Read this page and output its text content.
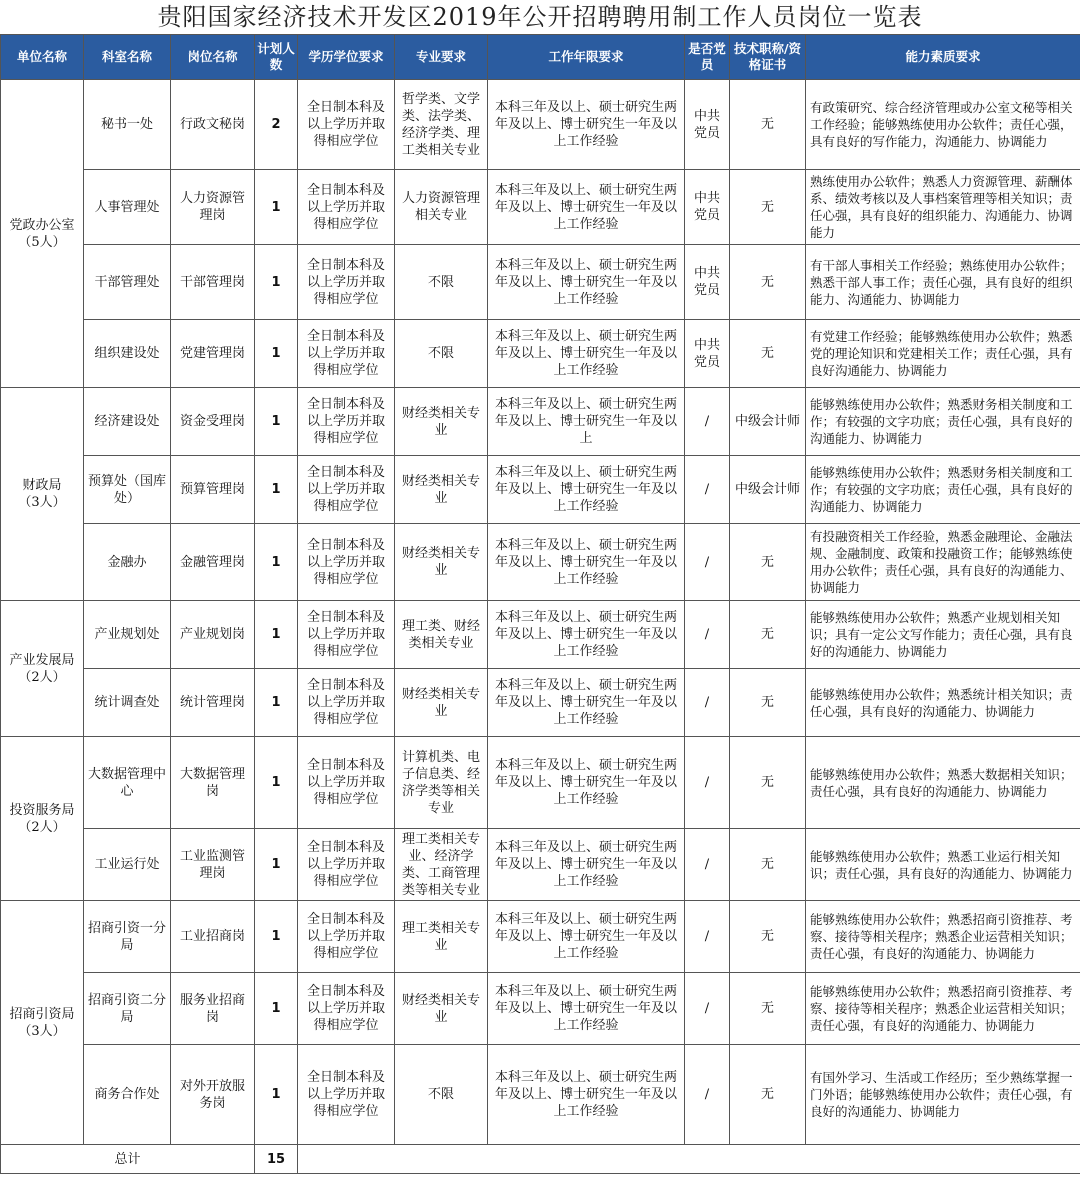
贵阳国家经济技术开发区2019年公开招聘聘用制工作人员岗位一览表
单位名称	科室名称	岗位名称	计划人数	学历学位要求	专业要求	工作年限要求	是否党员	技术职称/资格证书	能力素质要求
党政办公室
（5人）	秘书一处	行政文秘岗	2	全日制本科及以上学历并取得相应学位	哲学类、文学类、法学类、经济学类、理工类相关专业	本科三年及以上、硕士研究生两年及以上、博士研究生一年及以上工作经验	中共党员	无	有政策研究、综合经济管理或办公室文秘等相关工作经验；能够熟练使用办公软件；责任心强，具有良好的写作能力，沟通能力、协调能力
	人事管理处	人力资源管理岗	1	全日制本科及以上学历并取得相应学位	人力资源管理相关专业	本科三年及以上、硕士研究生两年及以上、博士研究生一年及以上工作经验	中共党员	无	熟练使用办公软件；熟悉人力资源管理、薪酬体系、绩效考核以及人事档案管理等相关知识；责任心强，具有良好的组织能力、沟通能力、协调能力
	干部管理处	干部管理岗	1	全日制本科及以上学历并取得相应学位	不限	本科三年及以上、硕士研究生两年及以上、博士研究生一年及以上工作经验	中共党员	无	有干部人事相关工作经验；熟练使用办公软件；熟悉干部人事工作；责任心强，具有良好的组织能力、沟通能力、协调能力
	组织建设处	党建管理岗	1	全日制本科及以上学历并取得相应学位	不限	本科三年及以上、硕士研究生两年及以上、博士研究生一年及以上工作经验	中共党员	无	有党建工作经验；能够熟练使用办公软件；熟悉党的理论知识和党建相关工作；责任心强，具有良好沟通能力、协调能力
财政局
（3人）	经济建设处	资金受理岗	1	全日制本科及以上学历并取得相应学位	财经类相关专业	本科三年及以上、硕士研究生两年及以上、博士研究生一年及以上	/	中级会计师	能够熟练使用办公软件；熟悉财务相关制度和工作；有较强的文字功底；责任心强，具有良好的沟通能力、协调能力
	预算处（国库处）	预算管理岗	1	全日制本科及以上学历并取得相应学位	财经类相关专业	本科三年及以上、硕士研究生两年及以上、博士研究生一年及以上工作经验	/	中级会计师	能够熟练使用办公软件；熟悉财务相关制度和工作；有较强的文字功底；责任心强，具有良好的沟通能力、协调能力
	金融办	金融管理岗	1	全日制本科及以上学历并取得相应学位	财经类相关专业	本科三年及以上、硕士研究生两年及以上、博士研究生一年及以上工作经验	/	无	有投融资相关工作经验，熟悉金融理论、金融法规、金融制度、政策和投融资工作；能够熟练使用办公软件；责任心强，具有良好的沟通能力、协调能力
产业发展局
（2人）	产业规划处	产业规划岗	1	全日制本科及以上学历并取得相应学位	理工类、财经类相关专业	本科三年及以上、硕士研究生两年及以上、博士研究生一年及以上工作经验	/	无	能够熟练使用办公软件；熟悉产业规划相关知识；具有一定公文写作能力；责任心强，具有良好的沟通能力、协调能力
	统计调查处	统计管理岗	1	全日制本科及以上学历并取得相应学位	财经类相关专业	本科三年及以上、硕士研究生两年及以上、博士研究生一年及以上工作经验	/	无	能够熟练使用办公软件；熟悉统计相关知识；责任心强，具有良好的沟通能力、协调能力
投资服务局
（2人）	大数据管理中心	大数据管理岗	1	全日制本科及以上学历并取得相应学位	计算机类、电子信息类、经济学类等相关专业	本科三年及以上、硕士研究生两年及以上、博士研究生一年及以上工作经验	/	无	能够熟练使用办公软件；熟悉大数据相关知识；责任心强，具有良好的沟通能力、协调能力
	工业运行处	工业监测管理岗	1	全日制本科及以上学历并取得相应学位	理工类相关专业、经济学类、工商管理类等相关专业	本科三年及以上、硕士研究生两年及以上、博士研究生一年及以上工作经验	/	无	能够熟练使用办公软件；熟悉工业运行相关知识；责任心强，具有良好的沟通能力、协调能力
招商引资局
（3人）	招商引资一分局	工业招商岗	1	全日制本科及以上学历并取得相应学位	理工类相关专业	本科三年及以上、硕士研究生两年及以上、博士研究生一年及以上工作经验	/	无	能够熟练使用办公软件；熟悉招商引资推荐、考察、接待等相关程序；熟悉企业运营相关知识；责任心强，有良好的沟通能力、协调能力
	招商引资二分局	服务业招商岗	1	全日制本科及以上学历并取得相应学位	财经类相关专业	本科三年及以上、硕士研究生两年及以上、博士研究生一年及以上工作经验	/	无	能够熟练使用办公软件；熟悉招商引资推荐、考察、接待等相关程序；熟悉企业运营相关知识；责任心强，有良好的沟通能力、协调能力
	商务合作处	对外开放服务岗	1	全日制本科及以上学历并取得相应学位	不限	本科三年及以上、硕士研究生两年及以上、博士研究生一年及以上工作经验	/	无	有国外学习、生活或工作经历；至少熟练掌握一门外语；能够熟练使用办公软件；责任心强，有良好的沟通能力、协调能力
总计			15						
